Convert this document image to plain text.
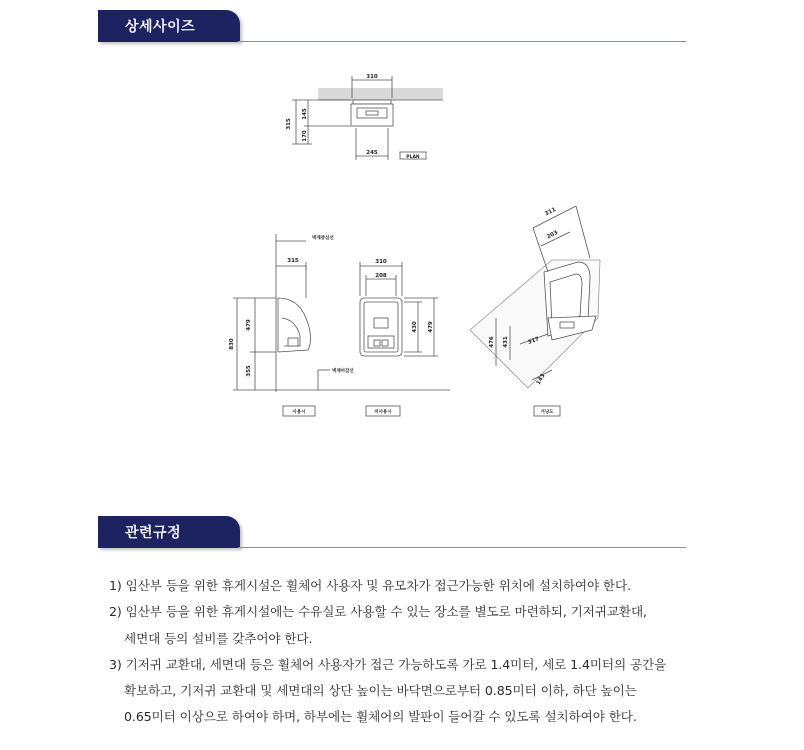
상세사이즈
310
245
315
145
170
PLAN
벽체중심선
315
830
479
355	벽체마감선
사용시
310
208
430 479
미사용시
311
203
476 431	317
143
겨냥도
관련규정
1) 임산부 등을 위한 휴게시설은 휠체어 사용자 및 유모차가 접근가능한 위치에 설치하여야 한다.
2) 임산부 등을 위한 휴게시설에는 수유실로 사용할 수 있는 장소를 별도로 마련하되, 기저귀교환대,
세면대 등의 설비를 갖추어야 한다.
3) 기저귀 교환대, 세면대 등은 휠체어 사용자가 접근 가능하도록 가로 1.4미터, 세로 1.4미터의 공간을
확보하고, 기저귀 교환대 및 세면대의 상단 높이는 바닥면으로부터 0.85미터 이하, 하단 높이는
0.65미터 이상으로 하여야 하며, 하부에는 휠체어의 발판이 들어갈 수 있도록 설치하여야 한다.
